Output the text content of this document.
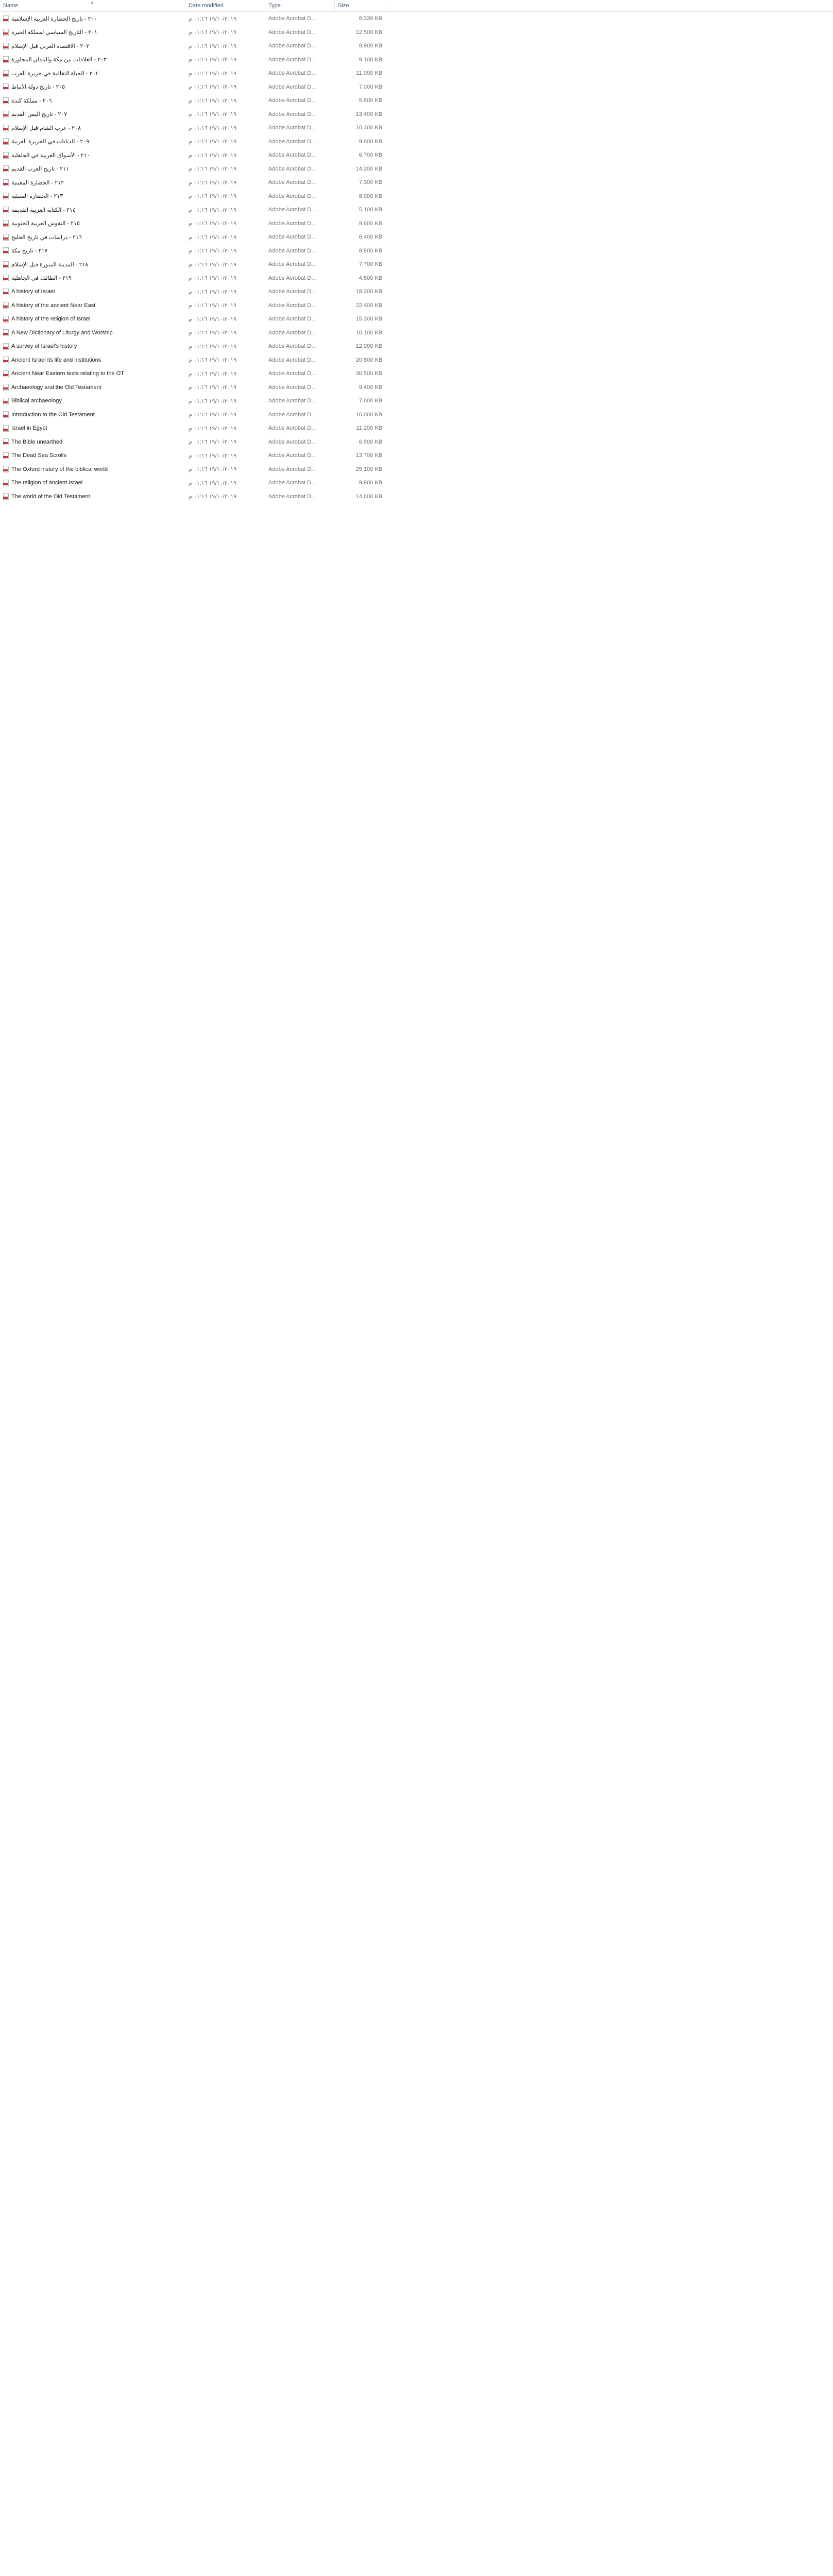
Name	Date modified	Type	Size
▲
٢٠٠ - تاريخ الحضارة العربية الإسلامية	١٩/١٠/٢٠١٩ ٠١:١٦ م	Adobe Acrobat D...	8,339 KB
٢٠١ - التاريخ السياسي لمملكة الحيرة	١٩/١٠/٢٠١٩ ٠١:١٦ م	Adobe Acrobat D...	12,500 KB
٢٠٢ - الاقتصاد العربي قبل الإسلام	١٩/١٠/٢٠١٩ ٠١:١٦ م	Adobe Acrobat D...	8,900 KB
٢٠٣ - العلاقات بين مكة والبلدان المجاورة	١٩/١٠/٢٠١٩ ٠١:١٦ م	Adobe Acrobat D...	9,100 KB
٢٠٤ - الحياة الثقافية في جزيرة العرب	١٩/١٠/٢٠١٩ ٠١:١٦ م	Adobe Acrobat D...	11,000 KB
٢٠٥ - تاريخ دولة الأنباط	١٩/١٠/٢٠١٩ ٠١:١٦ م	Adobe Acrobat D...	7,000 KB
٢٠٦ - مملكة كندة	١٩/١٠/٢٠١٩ ٠١:١٦ م	Adobe Acrobat D...	5,600 KB
٢٠٧ - تاريخ اليمن القديم	١٩/١٠/٢٠١٩ ٠١:١٦ م	Adobe Acrobat D...	13,400 KB
٢٠٨ - عرب الشام قبل الإسلام	١٩/١٠/٢٠١٩ ٠١:١٦ م	Adobe Acrobat D...	10,300 KB
٢٠٩ - الديانات في الجزيرة العربية	١٩/١٠/٢٠١٩ ٠١:١٦ م	Adobe Acrobat D...	9,800 KB
٢١٠ - الأسواق العربية في الجاهلية	١٩/١٠/٢٠١٩ ٠١:١٦ م	Adobe Acrobat D...	6,700 KB
٢١١ - تاريخ العرب القديم	١٩/١٠/٢٠١٩ ٠١:١٦ م	Adobe Acrobat D...	14,200 KB
٢١٢ - الحضارة المعينية	١٩/١٠/٢٠١٩ ٠١:١٦ م	Adobe Acrobat D...	7,300 KB
٢١٣ - الحضارة السبئية	١٩/١٠/٢٠١٩ ٠١:١٦ م	Adobe Acrobat D...	8,000 KB
٢١٤ - الكتابة العربية القديمة	١٩/١٠/٢٠١٩ ٠١:١٦ م	Adobe Acrobat D...	5,100 KB
٢١٥ - النقوش العربية الجنوبية	١٩/١٠/٢٠١٩ ٠١:١٦ م	Adobe Acrobat D...	9,600 KB
٢١٦ - دراسات في تاريخ الخليج	١٩/١٠/٢٠١٩ ٠١:١٦ م	Adobe Acrobat D...	6,400 KB
٢١٧ - تاريخ مكة	١٩/١٠/٢٠١٩ ٠١:١٦ م	Adobe Acrobat D...	8,800 KB
٢١٨ - المدينة المنورة قبل الإسلام	١٩/١٠/٢٠١٩ ٠١:١٦ م	Adobe Acrobat D...	7,700 KB
٢١٩ - الطائف في الجاهلية	١٩/١٠/٢٠١٩ ٠١:١٦ م	Adobe Acrobat D...	4,500 KB
A history of Israel	١٩/١٠/٢٠١٩ ٠١:١٦ م	Adobe Acrobat D...	18,200 KB
A history of the ancient Near East	١٩/١٠/٢٠١٩ ٠١:١٦ م	Adobe Acrobat D...	22,400 KB
A history of the religion of Israel	١٩/١٠/٢٠١٩ ٠١:١٦ م	Adobe Acrobat D...	15,300 KB
A New Dictionary of Liturgy and Worship	١٩/١٠/٢٠١٩ ٠١:١٦ م	Adobe Acrobat D...	10,100 KB
A survey of Israel's history	١٩/١٠/٢٠١٩ ٠١:١٦ م	Adobe Acrobat D...	12,000 KB
Ancient Israel its life and institutions	١٩/١٠/٢٠١٩ ٠١:١٦ م	Adobe Acrobat D...	20,800 KB
Ancient Near Eastern texts relating to the OT	١٩/١٠/٢٠١٩ ٠١:١٦ م	Adobe Acrobat D...	30,500 KB
Archaeology and the Old Testament	١٩/١٠/٢٠١٩ ٠١:١٦ م	Adobe Acrobat D...	9,400 KB
Biblical archaeology	١٩/١٠/٢٠١٩ ٠١:١٦ م	Adobe Acrobat D...	7,600 KB
Introduction to the Old Testament	١٩/١٠/٢٠١٩ ٠١:١٦ م	Adobe Acrobat D...	16,000 KB
Israel in Egypt	١٩/١٠/٢٠١٩ ٠١:١٦ م	Adobe Acrobat D...	11,200 KB
The Bible unearthed	١٩/١٠/٢٠١٩ ٠١:١٦ م	Adobe Acrobat D...	6,900 KB
The Dead Sea Scrolls	١٩/١٠/٢٠١٩ ٠١:١٦ م	Adobe Acrobat D...	13,700 KB
The Oxford history of the biblical world	١٩/١٠/٢٠١٩ ٠١:١٦ م	Adobe Acrobat D...	25,100 KB
The religion of ancient Israel	١٩/١٠/٢٠١٩ ٠١:١٦ م	Adobe Acrobat D...	9,900 KB
The world of the Old Testament	١٩/١٠/٢٠١٩ ٠١:١٦ م	Adobe Acrobat D...	14,600 KB
